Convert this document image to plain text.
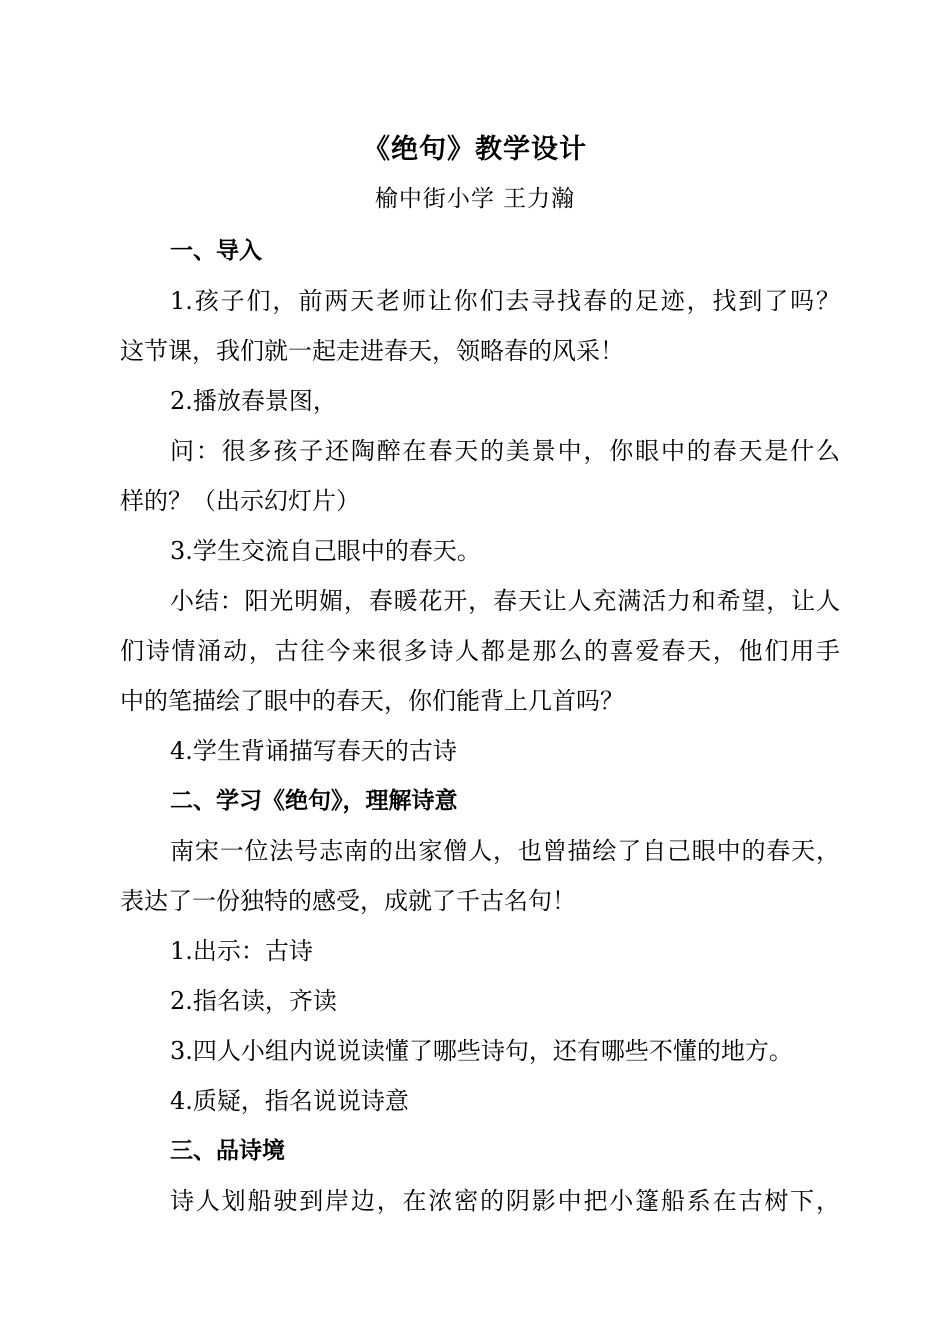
《绝句》教学设计
榆中街小学 王力瀚
一、导入
1.孩子们，前两天老师让你们去寻找春的足迹，找到了吗？
这节课，我们就一起走进春天，领略春的风采！
2.播放春景图，
问：很多孩子还陶醉在春天的美景中，你眼中的春天是什么
样的？（出示幻灯片）
3.学生交流自己眼中的春天。
小结：阳光明媚，春暖花开，春天让人充满活力和希望，让人
们诗情涌动，古往今来很多诗人都是那么的喜爱春天，他们用手
中的笔描绘了眼中的春天，你们能背上几首吗？
4.学生背诵描写春天的古诗
二、学习《绝句》，理解诗意
南宋一位法号志南的出家僧人，也曾描绘了自己眼中的春天，
表达了一份独特的感受，成就了千古名句！
1.出示：古诗
2.指名读，齐读
3.四人小组内说说读懂了哪些诗句，还有哪些不懂的地方。
4.质疑，指名说说诗意
三、品诗境
诗人划船驶到岸边，在浓密的阴影中把小篷船系在古树下，
